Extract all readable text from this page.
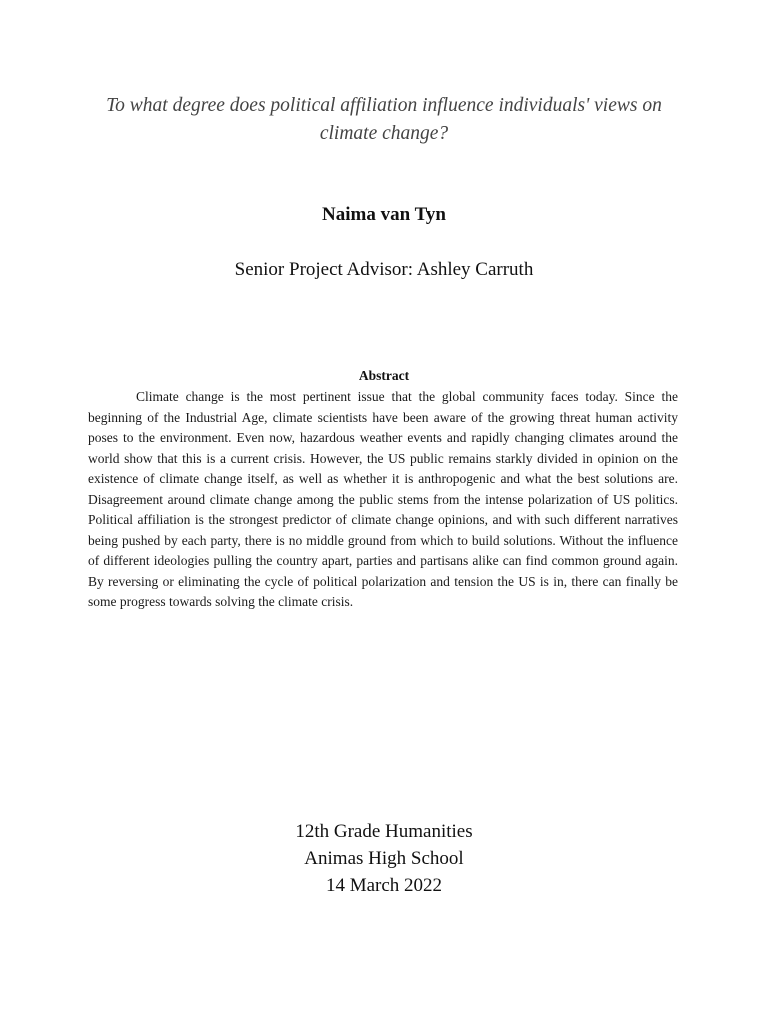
To what degree does political affiliation influence individuals' views on climate change?
Naima van Tyn
Senior Project Advisor: Ashley Carruth
Abstract

Climate change is the most pertinent issue that the global community faces today. Since the beginning of the Industrial Age, climate scientists have been aware of the growing threat human activity poses to the environment. Even now, hazardous weather events and rapidly changing climates around the world show that this is a current crisis. However, the US public remains starkly divided in opinion on the existence of climate change itself, as well as whether it is anthropogenic and what the best solutions are. Disagreement around climate change among the public stems from the intense polarization of US politics. Political affiliation is the strongest predictor of climate change opinions, and with such different narratives being pushed by each party, there is no middle ground from which to build solutions. Without the influence of different ideologies pulling the country apart, parties and partisans alike can find common ground again. By reversing or eliminating the cycle of political polarization and tension the US is in, there can finally be some progress towards solving the climate crisis.

12th Grade Humanities
Animas High School
14 March 2022
